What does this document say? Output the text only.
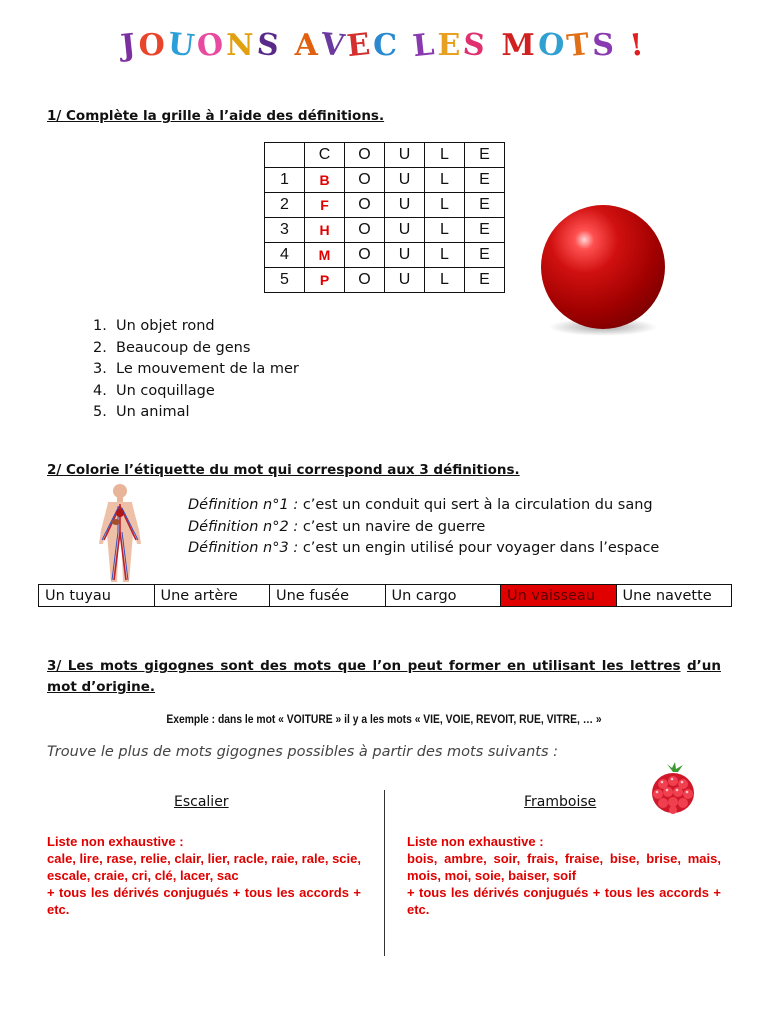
JOUONS AVEC LES MOTS !
1/ Complète la grille à l’aide des définitions.
	C	O	U	L	E
1	B	O	U	L	E
2	F	O	U	L	E
3	H	O	U	L	E
4	M	O	U	L	E
5	P	O	U	L	E
1. Un objet rond
2. Beaucoup de gens
3. Le mouvement de la mer
4. Un coquillage
5. Un animal
2/ Colorie l’étiquette du mot qui correspond aux 3 définitions.
Définition n°1 : c’est un conduit qui sert à la circulation du sang
Définition n°2 : c’est un navire de guerre
Définition n°3 : c’est un engin utilisé pour voyager dans l’espace
Un tuyau	Une artère	Une fusée	Un cargo	Un vaisseau	Une navette
3/ Les mots gigognes sont des mots que l’on peut former en utilisant les lettres d’un mot d’origine.
Exemple : dans le mot « VOITURE » il y a les mots « VIE, VOIE, REVOIT, RUE, VITRE, … »
Trouve le plus de mots gigognes possibles à partir des mots suivants :
Escalier	Framboise

Liste non exhaustive :

cale, lire, rase, relie, clair, lier, racle, raie, rale, scie, escale, craie, cri, clé, lacer, sac

+ tous les dérivés conjugués + tous les accords + etc.

Liste non exhaustive :

bois, ambre, soir, frais, fraise, bise, brise, mais, mois, moi, soie, baiser, soif

+ tous les dérivés conjugués + tous les accords + etc.
